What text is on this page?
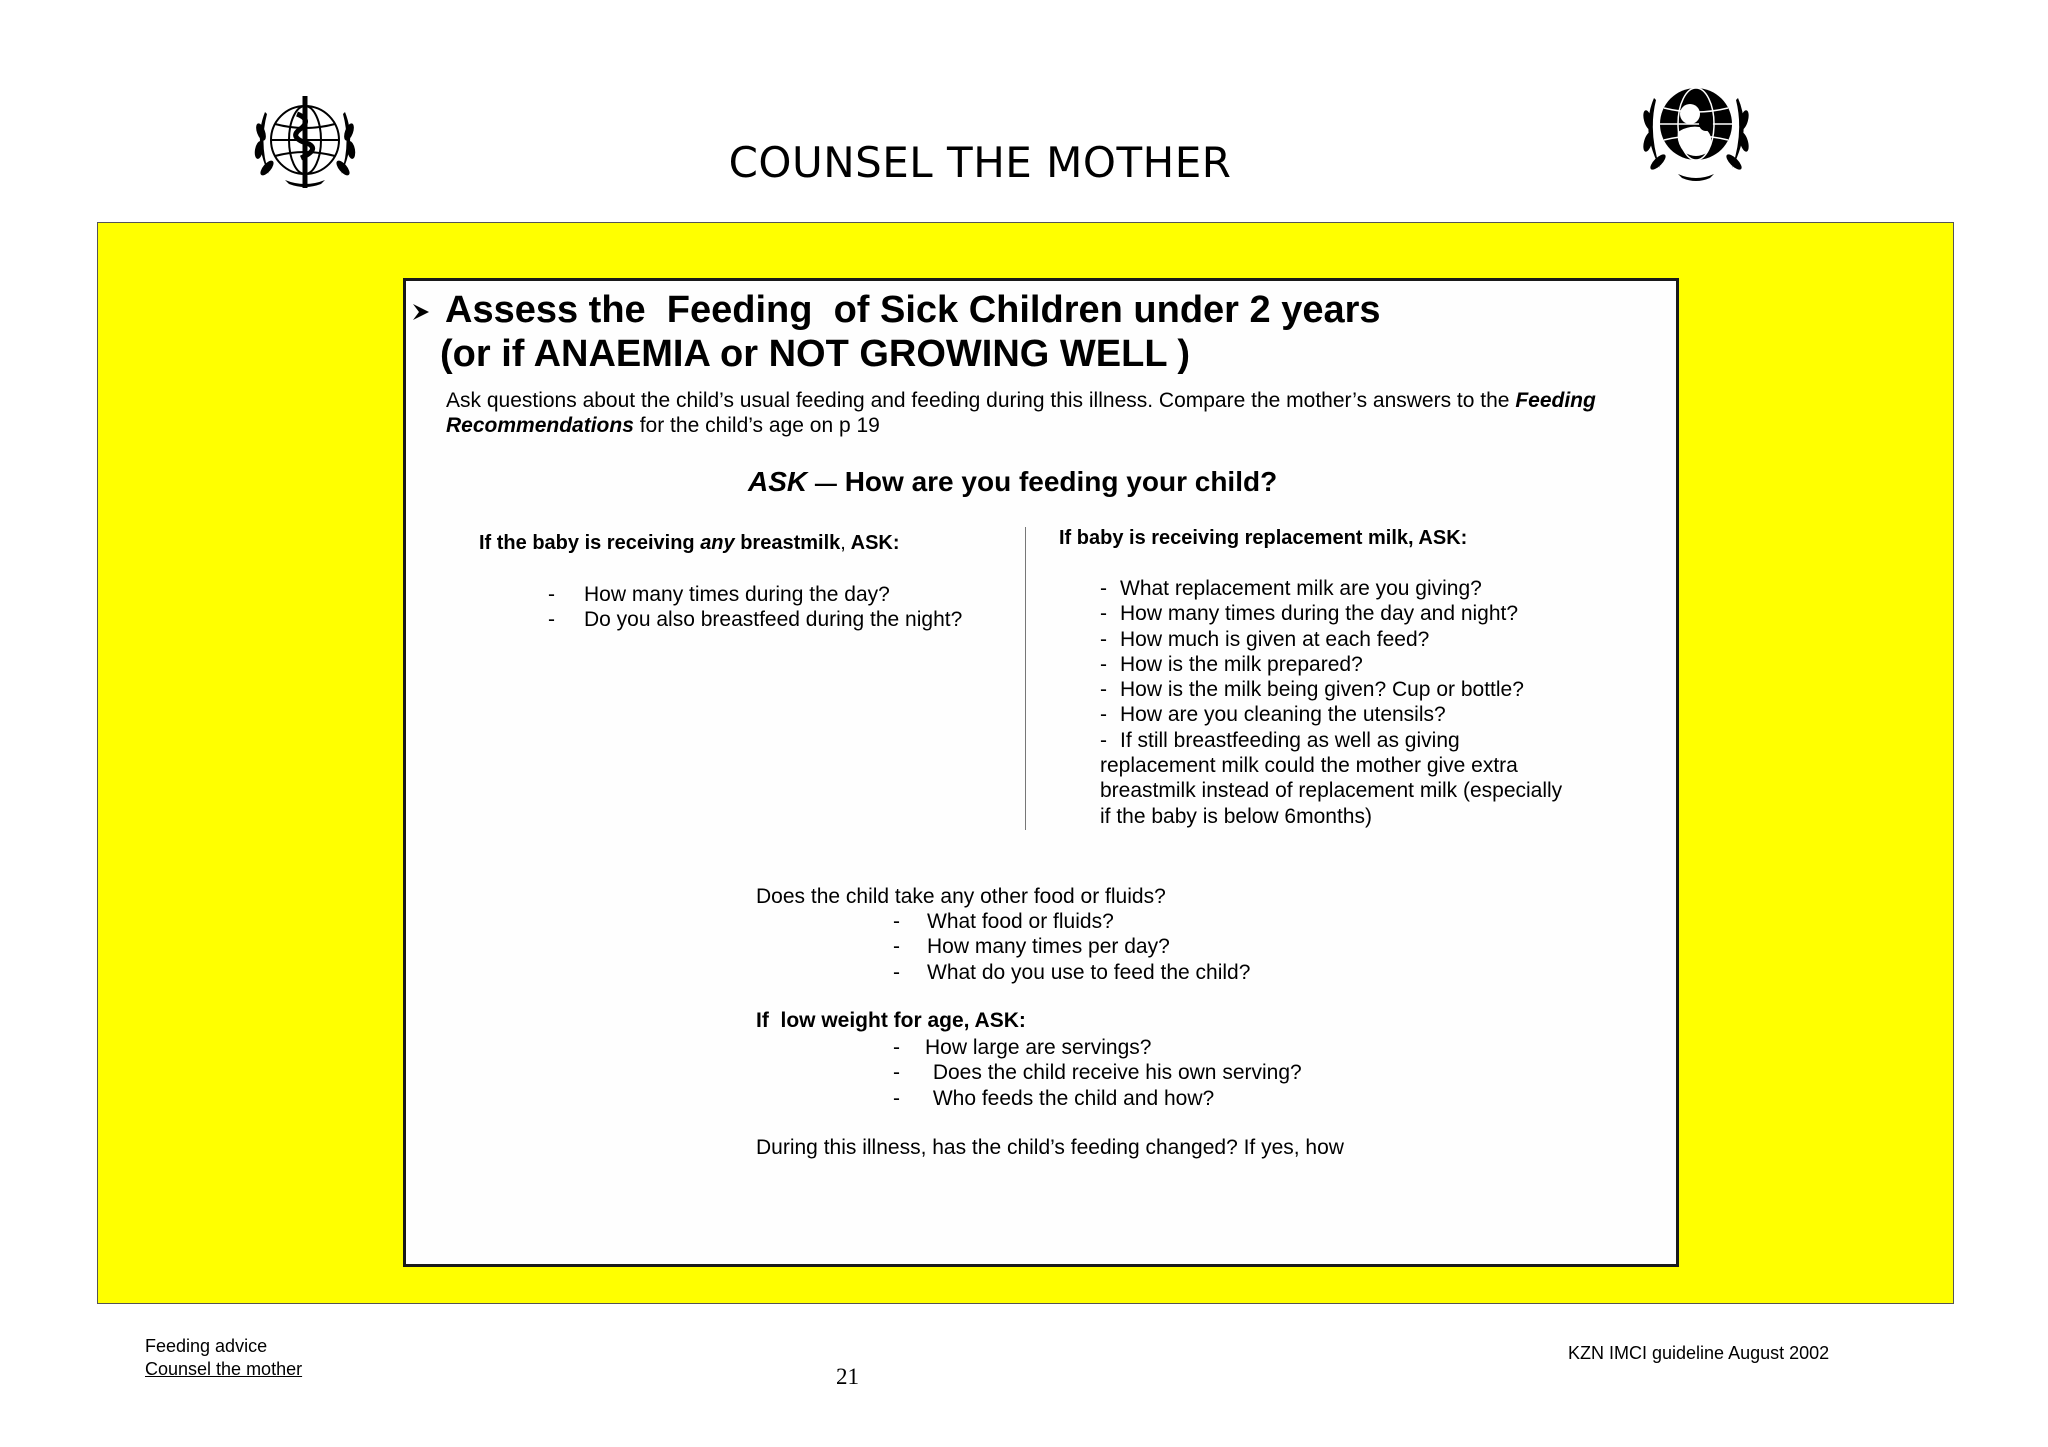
COUNSEL THE MOTHER
Assess the  Feeding  of Sick Children under 2 years
(or if ANAEMIA or NOT GROWING WELL )
Ask questions about the child’s usual feeding and feeding during this illness. Compare the mother’s answers to the Feeding
Recommendations for the child’s age on p 19
ASK — How are you feeding your child?
If the baby is receiving any breastmilk, ASK:
- How many times during the day?
- Do you also breastfeed during the night?
If baby is receiving replacement milk, ASK:
- What replacement milk are you giving?
- How many times during the day and night?
- How much is given at each feed?
- How is the milk prepared?
- How is the milk being given? Cup or bottle?
- How are you cleaning the utensils?
- If still breastfeeding as well as giving
replacement milk could the mother give extra
breastmilk instead of replacement milk (especially
if the baby is below 6months)
Does the child take any other food or fluids?
- What food or fluids?
- How many times per day?
- What do you use to feed the child?
If  low weight for age, ASK:
- How large are servings?
- Does the child receive his own serving?
- Who feeds the child and how?
During this illness, has the child’s feeding changed? If yes, how
Feeding advice
Counsel the mother	21
KZN IMCI guideline August 2002
